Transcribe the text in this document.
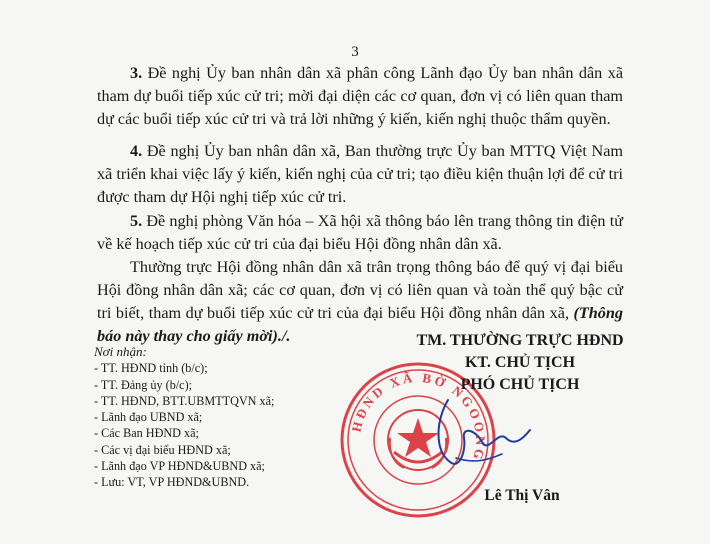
3

3. Đề nghị Ủy ban nhân dân xã phân công Lãnh đạo Ủy ban nhân dân xã tham dự buổi tiếp xúc cử tri; mời đại diện các cơ quan, đơn vị có liên quan tham dự các buổi tiếp xúc cử tri và trả lời những ý kiến, kiến nghị thuộc thẩm quyền.

4. Đề nghị Ủy ban nhân dân xã, Ban thường trực Ủy ban MTTQ Việt Nam xã triển khai việc lấy ý kiến, kiến nghị của cử tri; tạo điều kiện thuận lợi để cử tri được tham dự Hội nghị tiếp xúc cử tri.

5. Đề nghị phòng Văn hóa – Xã hội xã thông báo lên trang thông tin điện tử về kế hoạch tiếp xúc cử tri của đại biểu Hội đồng nhân dân xã.

Thường trực Hội đồng nhân dân xã trân trọng thông báo để quý vị đại biểu Hội đồng nhân dân xã; các cơ quan, đơn vị có liên quan và toàn thể quý bậc cử tri biết, tham dự buổi tiếp xúc cử tri của đại biểu Hội đồng nhân dân xã, (Thông báo này thay cho giấy mời)./.

Nơi nhận:
- TT. HĐND tỉnh (b/c);
- TT. Đảng ủy (b/c);
- TT. HĐND, BTT.UBMTTQVN xã;
- Lãnh đạo UBND xã;
- Các Ban HĐND xã;
- Các vị đại biểu HĐND xã;
- Lãnh đạo VP HĐND&UBND xã;
- Lưu: VT, VP HĐND&UBND.
HĐND XÃ BỜ NGOONG
TM. THƯỜNG TRỰC HĐND
KT. CHỦ TỊCH
PHÓ CHỦ TỊCH
Lê Thị Vân
